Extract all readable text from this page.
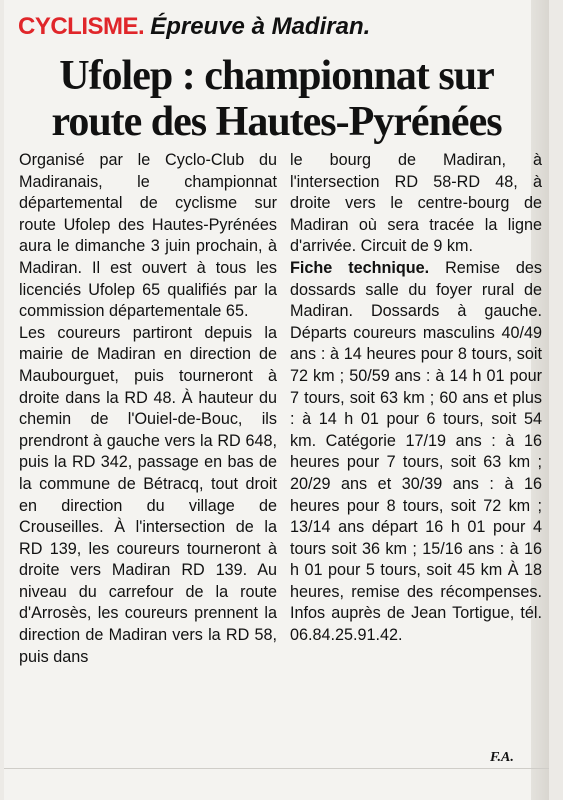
CYCLISME. Épreuve à Madiran.
Ufolep : championnat sur
route des Hautes-Pyrénées

Organisé par le Cyclo-Club du Madiranais, le championnat départemental de cyclisme sur route Ufolep des Hautes-Pyrénées aura le dimanche 3 juin prochain, à Madiran. Il est ouvert à tous les licenciés Ufolep 65 qualifiés par la commission départementale 65.

Les coureurs partiront depuis la mairie de Madiran en direction de Maubourguet, puis tourneront à droite dans la RD 48. À hauteur du chemin de l'Ouiel-de-Bouc, ils prendront à gauche vers la RD 648, puis la RD 342, passage en bas de la commune de Bétracq, tout droit en direction du village de Crouseilles. À l'intersection de la RD 139, les coureurs tourneront à droite vers Madiran RD 139. Au niveau du carrefour de la route d'Arrosès, les coureurs prennent la direction de Madiran vers la RD 58, puis dans

le bourg de Madiran, à l'intersection RD 58-RD 48, à droite vers le centre-bourg de Madiran où sera tracée la ligne d'arrivée. Circuit de 9 km.

Fiche technique. Remise des dossards salle du foyer rural de Madiran. Dossards à gauche. Départs coureurs masculins 40/49 ans : à 14 heures pour 8 tours, soit 72 km ; 50/59 ans : à 14 h 01 pour 7 tours, soit 63 km ; 60 ans et plus : à 14 h 01 pour 6 tours, soit 54 km. Catégorie 17/19 ans : à 16 heures pour 7 tours, soit 63 km ; 20/29 ans et 30/39 ans : à 16 heures pour 8 tours, soit 72 km ; 13/14 ans départ 16 h 01 pour 4 tours soit 36 km ; 15/16 ans : à 16 h 01 pour 5 tours, soit 45 km À 18 heures, remise des récompenses. Infos auprès de Jean Tortigue, tél. 06.84.25.91.42.

F.A.
